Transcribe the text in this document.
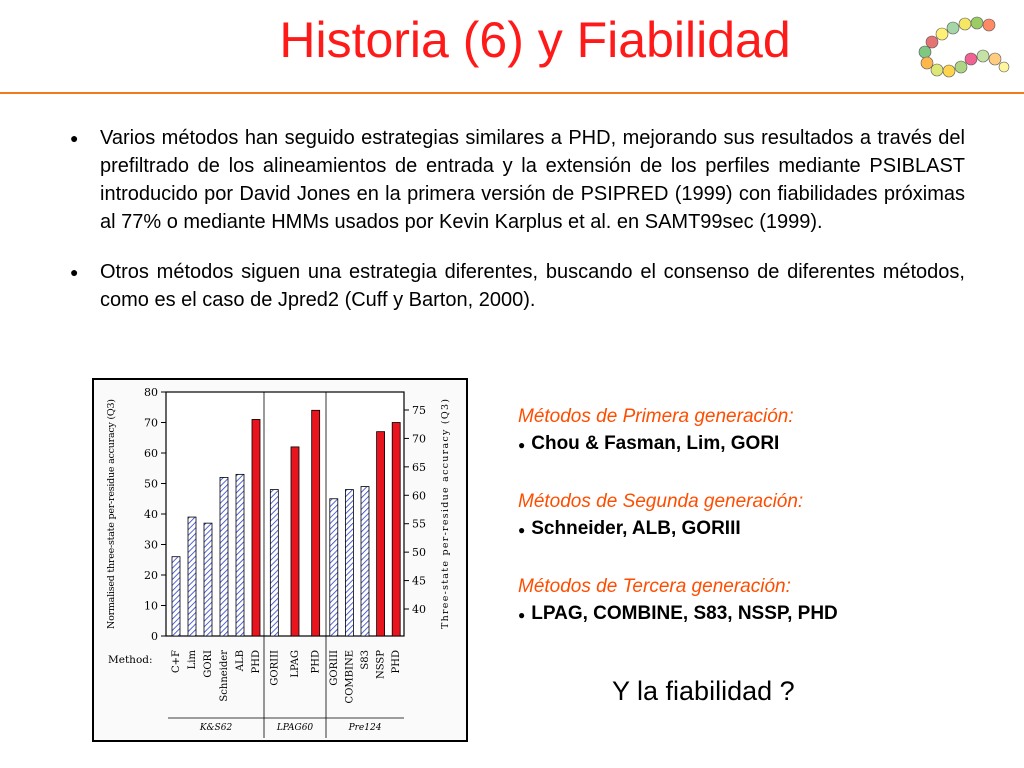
Historia (6) y Fiabilidad
● Varios métodos han seguido estrategias similares a PHD, mejorando sus resultados a través del prefiltrado de los alineamientos de entrada y la extensión de los perfiles mediante PSIBLAST introducido por David Jones en la primera versión de PSIPRED (1999) con fiabilidades próximas al 77% o mediante HMMs usados por Kevin Karplus et al. en SAMT99sec (1999).
● Otros métodos siguen una estrategia diferentes, buscando el consenso de diferentes métodos, como es el caso de Jpred2 (Cuff y Barton, 2000).
0
10
20
30
40
50
60
70
80
40
45
50
55
60
65
70
75
Normalised three-state per-residue accuracy (Q3)
Three-state per-residue accuracy (Q3)
C+F Lim GORI Schneider ALB PHD
K&S62
GORIII LPAG PHD
LPAG60
GORIII COMBINE S83 NSSP PHD
Pre124
Method:
Métodos de Primera generación:
● Chou & Fasman, Lim, GORI
Métodos de Segunda generación:
● Schneider, ALB, GORIII
Métodos de Tercera generación:
● LPAG, COMBINE, S83, NSSP, PHD
Y la fiabilidad ?
